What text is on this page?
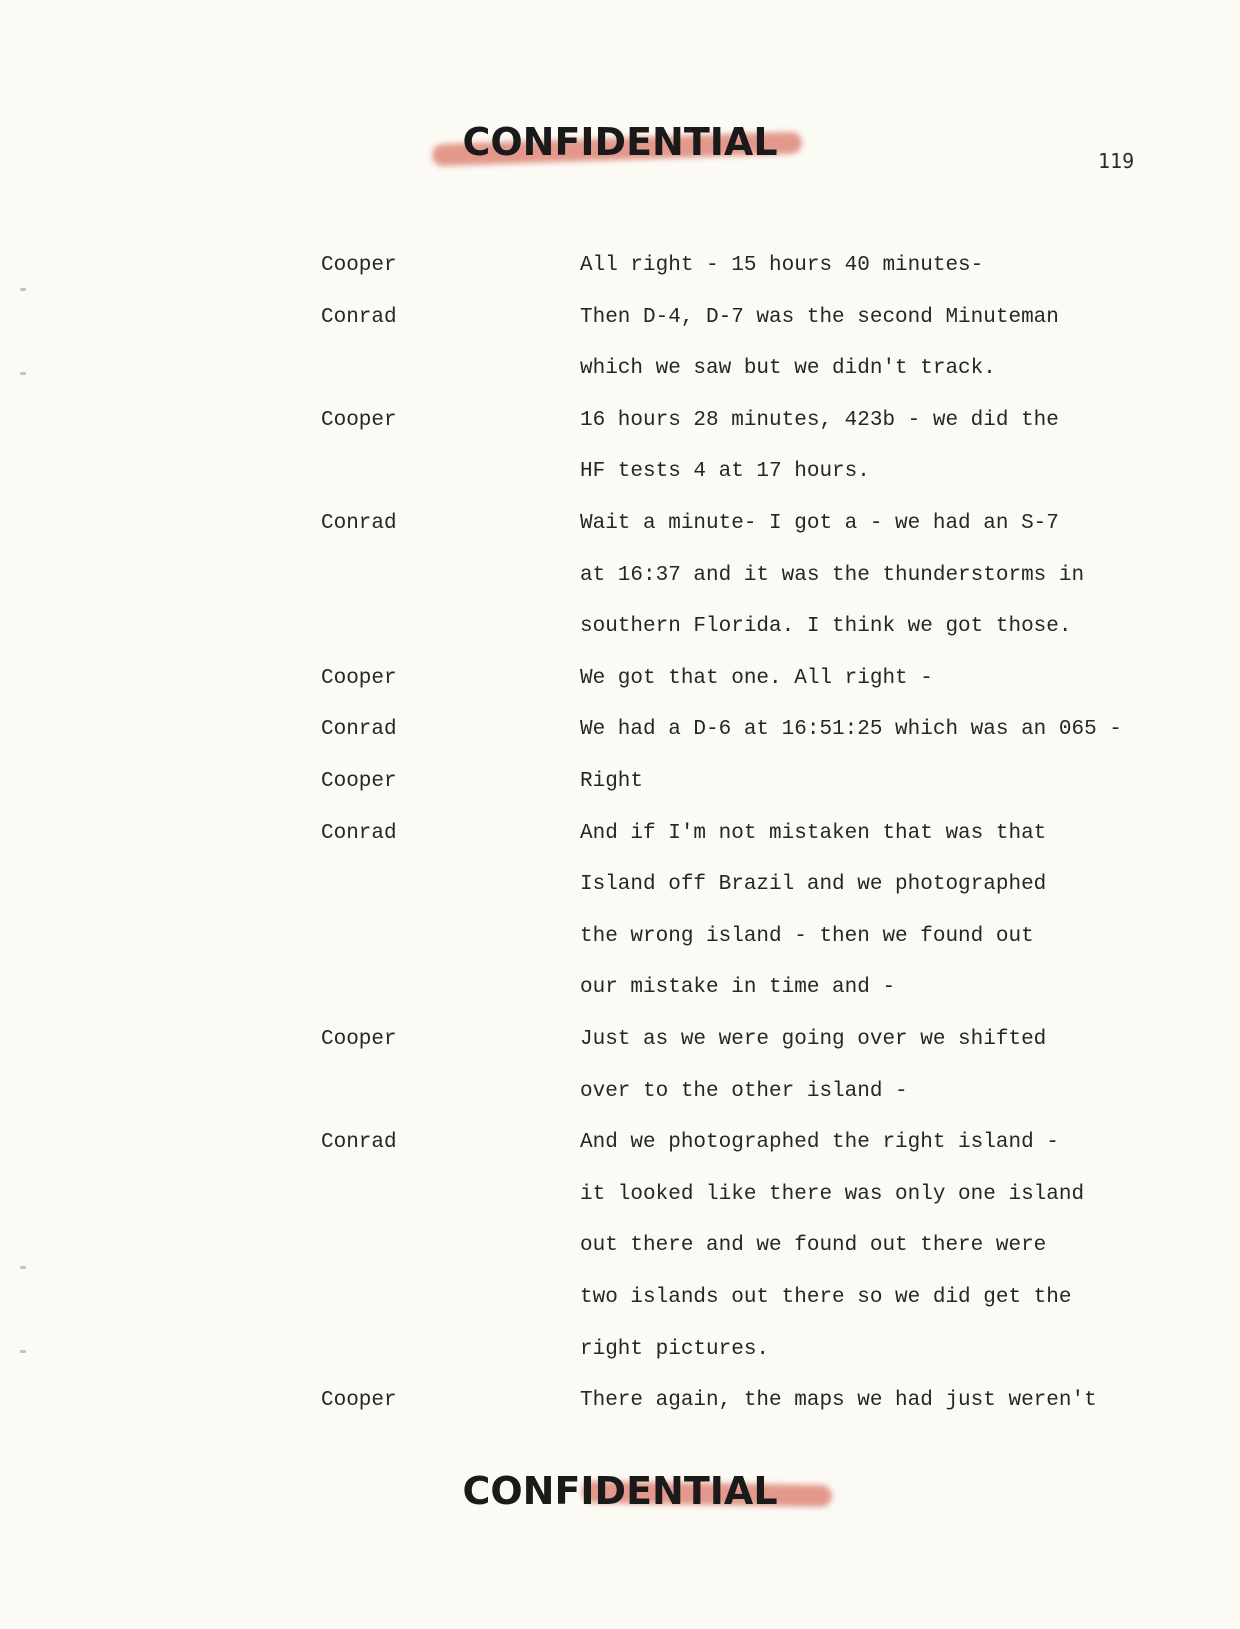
CONFIDENTIAL	119
Cooper	All right - 15 hours 40 minutes-
Conrad	Then D-4, D-7 was the second Minuteman
which we saw but we didn't track.
Cooper	16 hours 28 minutes, 423b - we did the
HF tests 4 at 17 hours.
Conrad	Wait a minute- I got a - we had an S-7
at 16:37 and it was the thunderstorms in
southern Florida. I think we got those.
Cooper	We got that one. All right -
Conrad	We had a D-6 at 16:51:25 which was an 065 -
Cooper	Right
Conrad	And if I'm not mistaken that was that
Island off Brazil and we photographed
the wrong island - then we found out
our mistake in time and -
Cooper	Just as we were going over we shifted
over to the other island -
Conrad	And we photographed the right island -
it looked like there was only one island
out there and we found out there were
two islands out there so we did get the
right pictures.
Cooper	There again, the maps we had just weren't
CONFIDENTIAL
